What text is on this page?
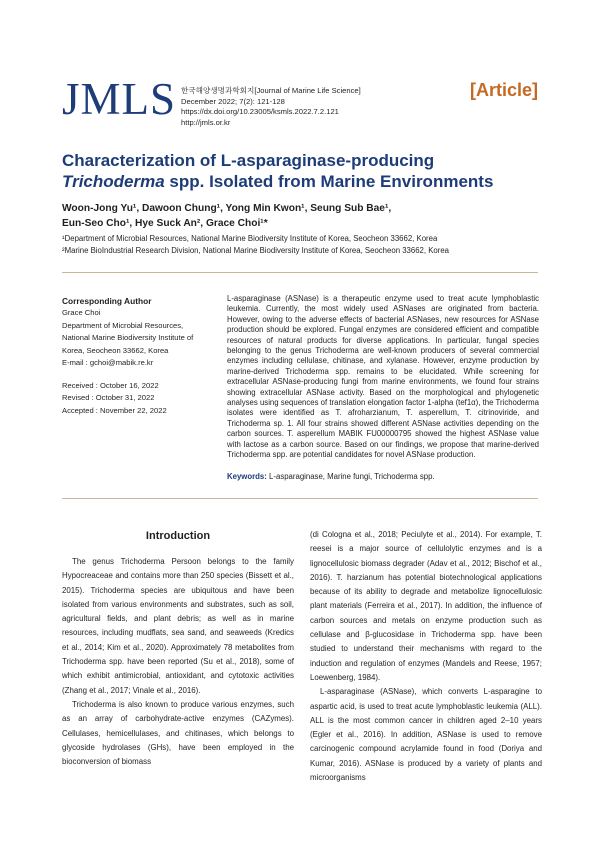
JMLS 한국해양생명과학회지[Journal of Marine Life Science]
December 2022; 7(2): 121-128
https://dx.doi.org/10.23005/ksmls.2022.7.2.121
http://jmls.or.kr
[Article]
Characterization of L-asparaginase-producing
Trichoderma spp. Isolated from Marine Environments
Woon-Jong Yu¹, Dawoon Chung¹, Yong Min Kwon¹, Seung Sub Bae¹,
Eun-Seo Cho¹, Hye Suck An², Grace Choi¹*
¹Department of Microbial Resources, National Marine Biodiversity Institute of Korea, Seocheon 33662, Korea
²Marine BioIndustrial Research Division, National Marine Biodiversity Institute of Korea, Seocheon 33662, Korea
Corresponding Author
Grace Choi
Department of Microbial Resources,
National Marine Biodiversity Institute of
Korea, Seocheon 33662, Korea
E-mail : gchoi@mabik.re.kr
Received : October 16, 2022
Revised : October 31, 2022
Accepted : November 22, 2022
L-asparaginase (ASNase) is a therapeutic enzyme used to treat acute lymphoblastic leukemia. Currently, the most widely used ASNases are originated from bacteria. However, owing to the adverse effects of bacterial ASNases, new resources for ASNase production should be explored. Fungal enzymes are considered efficient and compatible resources of natural products for diverse applications. In particular, fungal species belonging to the genus Trichoderma are well-known producers of several commercial enzymes including cellulase, chitinase, and xylanase. However, enzyme production by marine-derived Trichoderma spp. remains to be elucidated. While screening for extracellular ASNase-producing fungi from marine environments, we found four strains showing extracellular ASNase activity. Based on the morphological and phylogenetic analyses using sequences of translation elongation factor 1-alpha (tef1α), the Trichoderma isolates were identified as T. afroharzianum, T. asperellum, T. citrinoviride, and Trichoderma sp. 1. All four strains showed different ASNase activities depending on the carbon sources. T. asperellum MABIK FU00000795 showed the highest ASNase value with lactose as a carbon source. Based on our findings, we propose that marine-derived Trichoderma spp. are potential candidates for novel ASNase production.
Keywords: L-asparaginase, Marine fungi, Trichoderma spp.
Introduction

The genus Trichoderma Persoon belongs to the family Hypocreaceae and contains more than 250 species (Bissett et al., 2015). Trichoderma species are ubiquitous and have been isolated from various environments and substrates, such as soil, agricultural fields, and plant debris; as well as in marine resources, including mudflats, sea sand, and seaweeds (Kredics et al., 2014; Kim et al., 2020). Approximately 78 metabolites from Trichoderma spp. have been reported (Su et al., 2018), some of which exhibit antimicrobial, antioxidant, and cytotoxic activities (Zhang et al., 2017; Vinale et al., 2016).

Trichoderma is also known to produce various enzymes, such as an array of carbohydrate-active enzymes (CAZymes). Cellulases, hemicellulases, and chitinases, which belongs to glycoside hydrolases (GHs), have been employed in the bioconversion of biomass

(di Cologna et al., 2018; Peciulyte et al., 2014). For example, T. reesei is a major source of cellulolytic enzymes and is a lignocellulosic biomass degrader (Adav et al., 2012; Bischof et al., 2016). T. harzianum has potential biotechnological applications because of its ability to degrade and metabolize lignocellulosic plant materials (Ferreira et al., 2017). In addition, the influence of carbon sources and metals on enzyme production such as cellulase and β-glucosidase in Trichoderma spp. have been studied to understand their mechanisms with regard to the induction and regulation of enzymes (Mandels and Reese, 1957; Loewenberg, 1984).

L-asparaginase (ASNase), which converts L-asparagine to aspartic acid, is used to treat acute lymphoblastic leukemia (ALL). ALL is the most common cancer in children aged 2–10 years (Egler et al., 2016). In addition, ASNase is used to remove carcinogenic compound acrylamide found in food (Doriya and Kumar, 2016). ASNase is produced by a variety of plants and microorganisms
